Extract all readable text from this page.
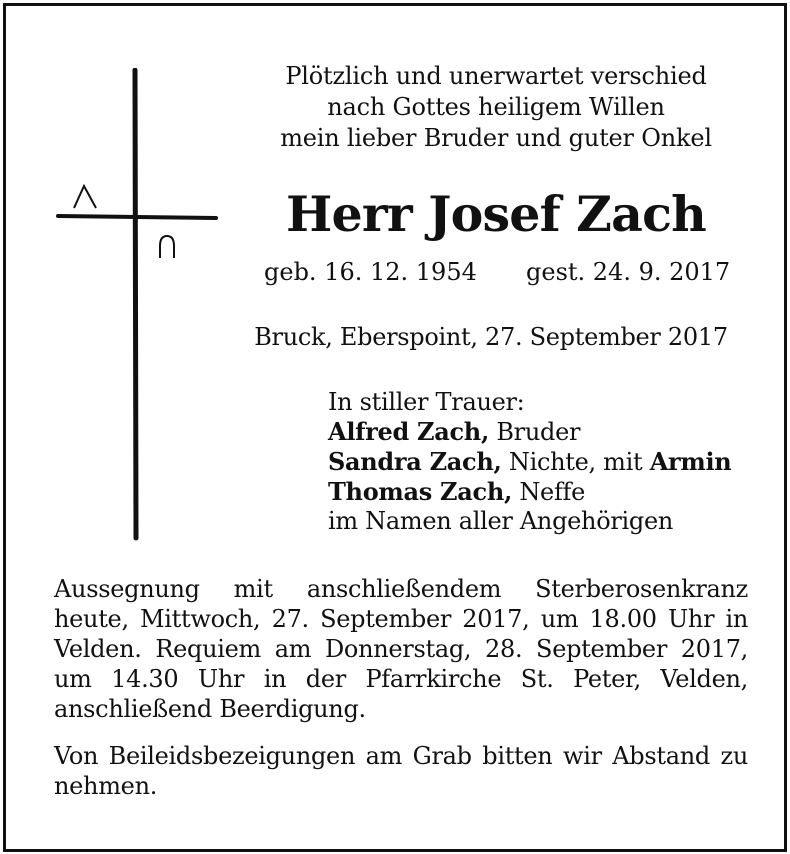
Plötzlich und unerwartet verschied
nach Gottes heiligem Willen
mein lieber Bruder und guter Onkel
Herr Josef Zach
geb. 16. 12. 1954 gest. 24. 9. 2017
Bruck, Eberspoint, 27. September 2017
In stiller Trauer:
Alfred Zach, Bruder
Sandra Zach, Nichte, mit Armin
Thomas Zach, Neffe
im Namen aller Angehörigen
Aussegnung mit anschließendem Sterberosenkranz heute, Mittwoch, 27. September 2017, um 18.00 Uhr in Velden. Requiem am Donnerstag, 28. September 2017, um 14.30 Uhr in der Pfarrkirche St. Peter, Velden, anschließend Beerdigung.
Von Beileidsbezeigungen am Grab bitten wir Abstand zu nehmen.
